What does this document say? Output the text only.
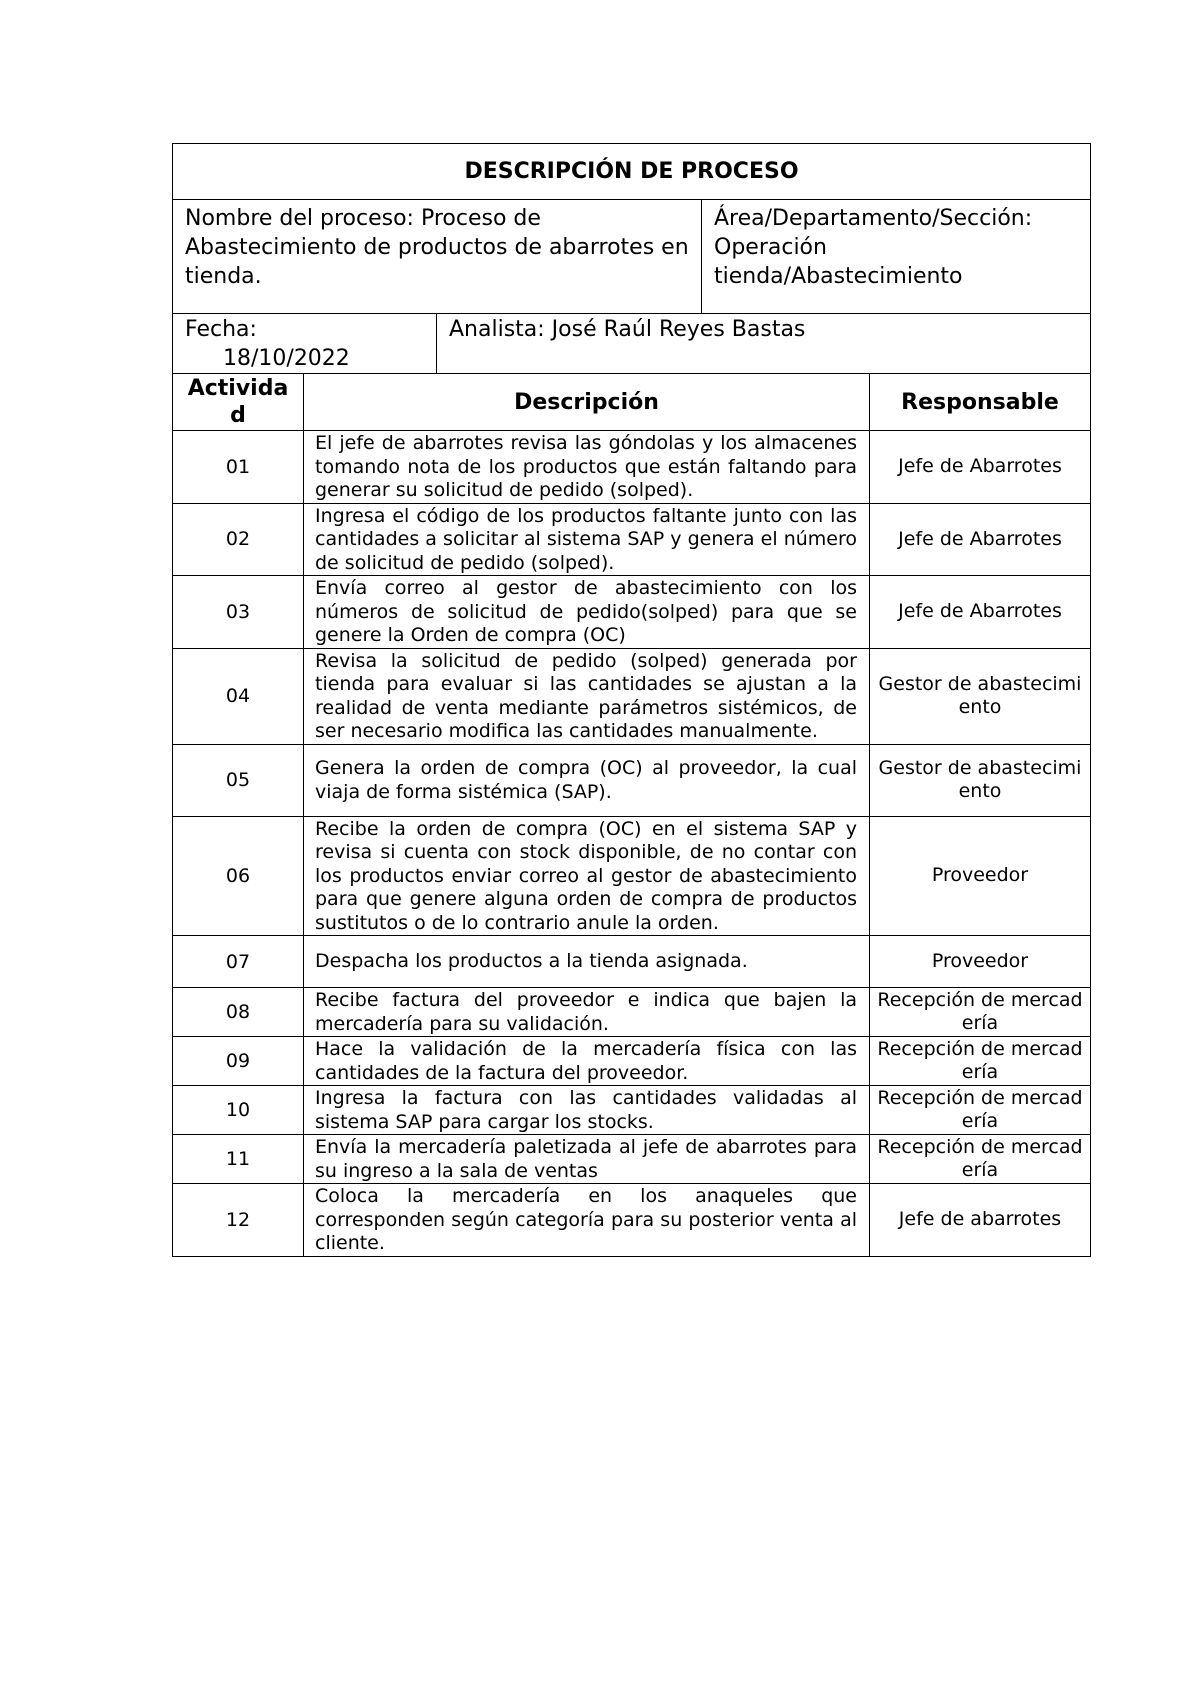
DESCRIPCIÓN DE PROCESO				
Nombre del proceso: Proceso de Abastecimiento de productos de abarrotes en tienda.			Área/Departamento/Sección: Operación tienda/Abastecimiento	
Fecha:
18/10/2022		Analista: José Raúl Reyes Bastas		
Actividad	Descripción			Responsable
01	El jefe de abarrotes revisa las góndolas y los almacenes tomando nota de los productos que están faltando para generar su solicitud de pedido (solped).			Jefe de Abarrotes
02	Ingresa el código de los productos faltante junto con las cantidades a solicitar al sistema SAP y genera el número de solicitud de pedido (solped).			Jefe de Abarrotes
03	Envía correo al gestor de abastecimiento con los números de solicitud de pedido(solped) para que se genere la Orden de compra (OC)			Jefe de Abarrotes
04	Revisa la solicitud de pedido (solped) generada por tienda para evaluar si las cantidades se ajustan a la realidad de venta mediante parámetros sistémicos, de ser necesario modifica las cantidades manualmente.			Gestor de abastecimiento
05	Genera la orden de compra (OC) al proveedor, la cual viaja de forma sistémica (SAP).			Gestor de abastecimiento
06	Recibe la orden de compra (OC) en el sistema SAP y revisa si cuenta con stock disponible, de no contar con los productos enviar correo al gestor de abastecimiento para que genere alguna orden de compra de productos sustitutos o de lo contrario anule la orden.			Proveedor
07	Despacha los productos a la tienda asignada.			Proveedor
08	Recibe factura del proveedor e indica que bajen la mercadería para su validación.			Recepción de mercadería
09	Hace la validación de la mercadería física con las cantidades de la factura del proveedor.			Recepción de mercadería
10	Ingresa la factura con las cantidades validadas al sistema SAP para cargar los stocks.			Recepción de mercadería
11	Envía la mercadería paletizada al jefe de abarrotes para su ingreso a la sala de ventas			Recepción de mercadería
12	Coloca la mercadería en los anaqueles que corresponden según categoría para su posterior venta al cliente.			Jefe de abarrotes
